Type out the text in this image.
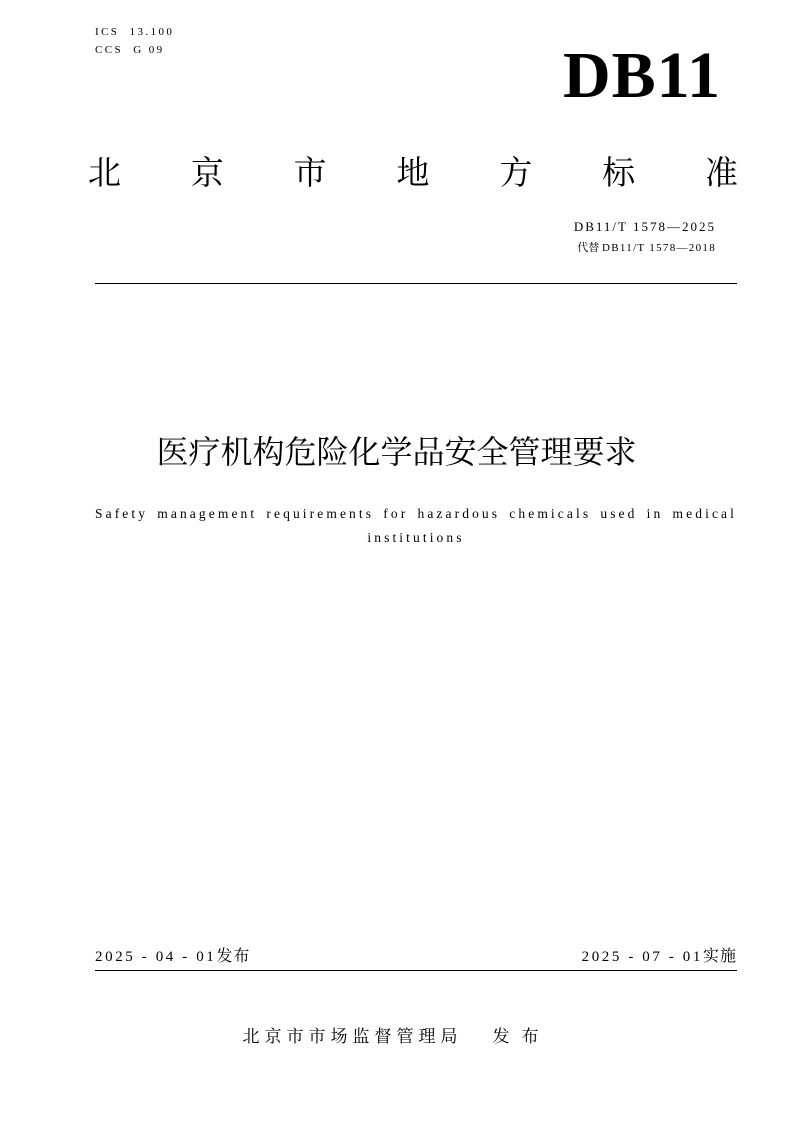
ICS  13.100
CCS  G 09	DB11
北 京 市 地 方 标 准
DB11/T 1578—2025
代替 DB11/T 1578—2018
医疗机构危险化学品安全管理要求
Safety management requirements for hazardous chemicals used in medical institutions
2025 - 04 - 01发布	2025 - 07 - 01实施
北京市市场监督管理局 发布
